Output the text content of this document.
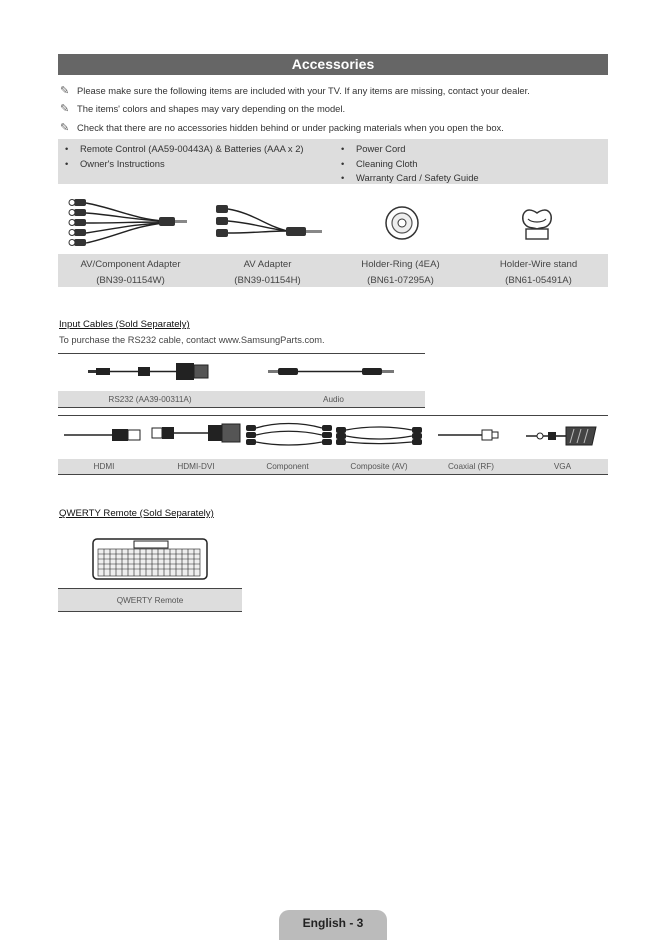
Accessories
✎ Please make sure the following items are included with your TV. If any items are missing, contact your dealer.
✎ The items' colors and shapes may vary depending on the model.
✎ Check that there are no accessories hidden behind or under packing materials when you open the box.
• Remote Control (AA59-00443A) & Batteries (AAA x 2)
• Owner's Instructions
• Power Cord
• Cleaning Cloth
• Warranty Card / Safety Guide
AV/Component Adapter
(BN39-01154W)
AV Adapter
(BN39-01154H)
Holder-Ring (4EA)
(BN61-07295A)
Holder-Wire stand
(BN61-05491A)
Input Cables (Sold Separately)
To purchase the RS232 cable, contact www.SamsungParts.com.
RS232 (AA39-00311A)	Audio
HDMI	HDMI-DVI	Component	Composite (AV)	Coaxial (RF)	VGA
QWERTY Remote (Sold Separately)
QWERTY Remote
English - 3
